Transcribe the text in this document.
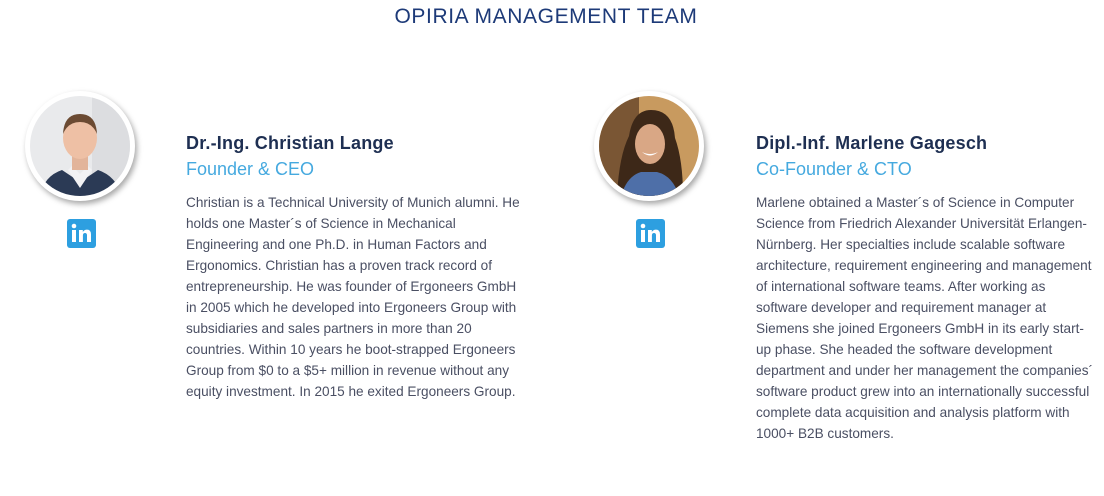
OPIRIA MANAGEMENT TEAM
Dr.-Ing. Christian Lange
Founder & CEO

Christian is a Technical University of Munich alumni. He holds one Master´s of Science in Mechanical Engineering and one Ph.D. in Human Factors and Ergonomics. Christian has a proven track record of entrepreneurship. He was founder of Ergoneers GmbH in 2005 which he developed into Ergoneers Group with subsidiaries and sales partners in more than 20 countries. Within 10 years he boot-strapped Ergoneers Group from $0 to a $5+ million in revenue without any equity investment. In 2015 he exited Ergoneers Group.

Dipl.-Inf. Marlene Gagesch
Co-Founder & CTO

Marlene obtained a Master´s of Science in Computer Science from Friedrich Alexander Universität Erlangen-Nürnberg. Her specialties include scalable software architecture, requirement engineering and management of international software teams. After working as software developer and requirement manager at Siemens she joined Ergoneers GmbH in its early start-up phase. She headed the software development department and under her management the companies´ software product grew into an internationally successful complete data acquisition and analysis platform with 1000+ B2B customers.
